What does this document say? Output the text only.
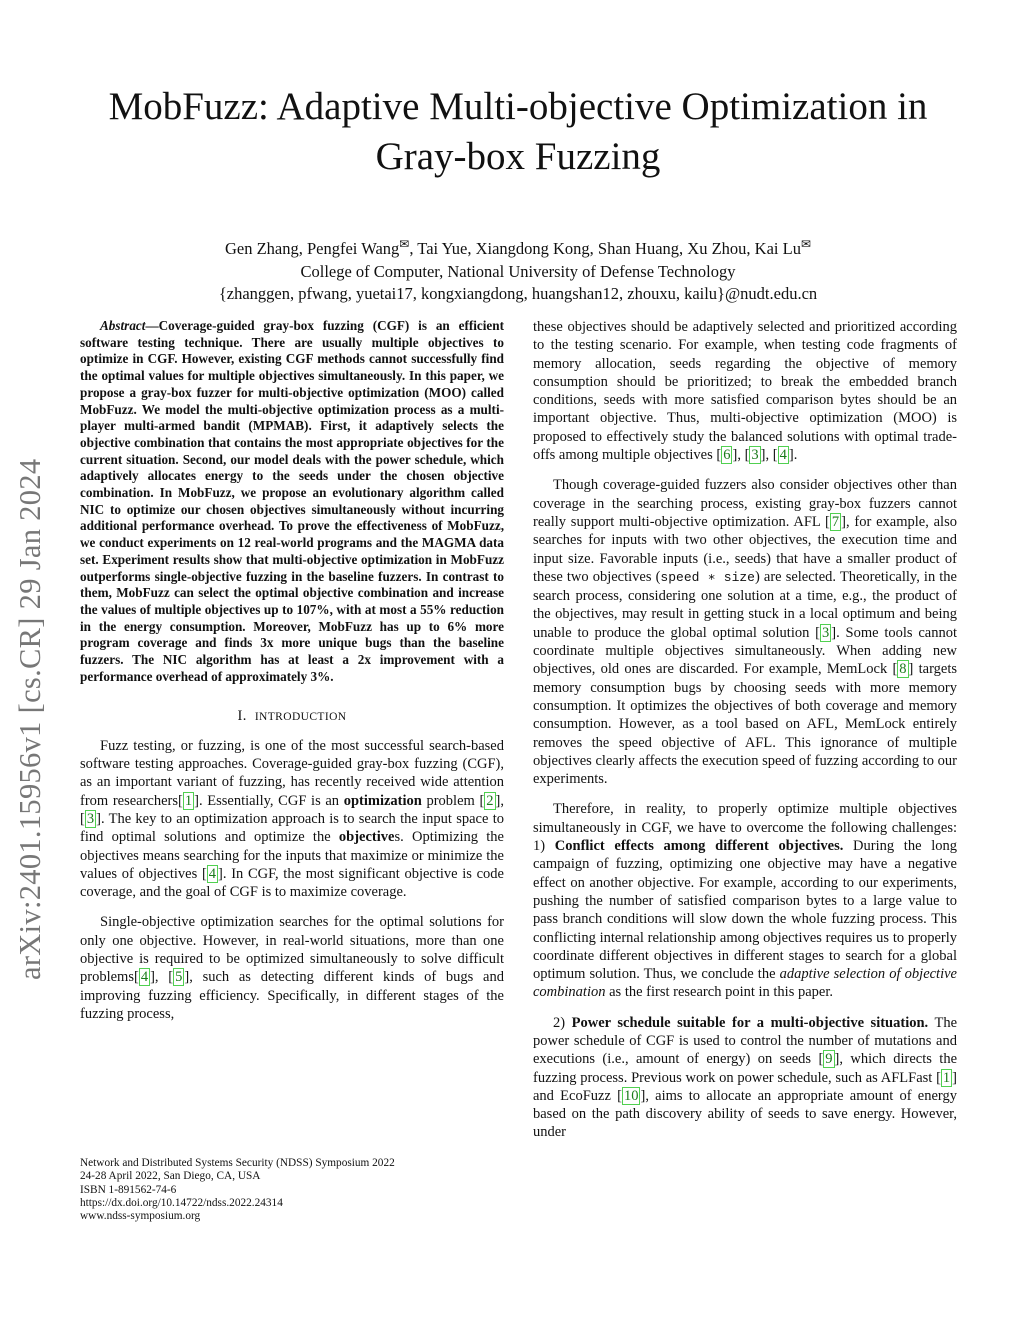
MobFuzz: Adaptive Multi-objective Optimization in Gray-box Fuzzing
Gen Zhang, Pengfei Wang✉, Tai Yue, Xiangdong Kong, Shan Huang, Xu Zhou, Kai Lu✉
College of Computer, National University of Defense Technology
{zhanggen, pfwang, yuetai17, kongxiangdong, huangshan12, zhouxu, kailu}@nudt.edu.cn
arXiv:2401.15956v1 [cs.CR] 29 Jan 2024

Abstract—Coverage-guided gray-box fuzzing (CGF) is an efficient software testing technique. There are usually multiple objectives to optimize in CGF. However, existing CGF methods cannot successfully find the optimal values for multiple objectives simultaneously. In this paper, we propose a gray-box fuzzer for multi-objective optimization (MOO) called MobFuzz. We model the multi-objective optimization process as a multi-player multi-armed bandit (MPMAB). First, it adaptively selects the objective combination that contains the most appropriate objectives for the current situation. Second, our model deals with the power schedule, which adaptively allocates energy to the seeds under the chosen objective combination. In MobFuzz, we propose an evolutionary algorithm called NIC to optimize our chosen objectives simultaneously without incurring additional performance overhead. To prove the effectiveness of MobFuzz, we conduct experiments on 12 real-world programs and the MAGMA data set. Experiment results show that multi-objective optimization in MobFuzz outperforms single-objective fuzzing in the baseline fuzzers. In contrast to them, MobFuzz can select the optimal objective combination and increase the values of multiple objectives up to 107%, with at most a 55% reduction in the energy consumption. Moreover, MobFuzz has up to 6% more program coverage and finds 3x more unique bugs than the baseline fuzzers. The NIC algorithm has at least a 2x improvement with a performance overhead of approximately 3%.

I. INTRODUCTION

Fuzz testing, or fuzzing, is one of the most successful search-based software testing approaches. Coverage-guided gray-box fuzzing (CGF), as an important variant of fuzzing, has recently received wide attention from researchers[ 1 ]. Essentially, CGF is an optimization problem [ 2 ], [ 3 ]. The key to an optimization approach is to search the input space to find optimal solutions and optimize the objectives. Optimizing the objectives means searching for the inputs that maximize or minimize the values of objectives [ 4 ]. In CGF, the most significant objective is code coverage, and the goal of CGF is to maximize coverage.

Single-objective optimization searches for the optimal solutions for only one objective. However, in real-world situations, more than one objective is required to be optimized simultaneously to solve difficult problems[ 4 ], [ 5 ], such as detecting different kinds of bugs and improving fuzzing efficiency. Specifically, in different stages of the fuzzing process,

Network and Distributed Systems Security (NDSS) Symposium 2022
24-28 April 2022, San Diego, CA, USA
ISBN 1-891562-74-6
https://dx.doi.org/10.14722/ndss.2022.24314
www.ndss-symposium.org

these objectives should be adaptively selected and prioritized according to the testing scenario. For example, when testing code fragments of memory allocation, seeds regarding the objective of memory consumption should be prioritized; to break the embedded branch conditions, seeds with more satisfied comparison bytes should be an important objective. Thus, multi-objective optimization (MOO) is proposed to effectively study the balanced solutions with optimal trade-offs among multiple objectives [ 6 ], [ 3 ], [ 4 ].

Though coverage-guided fuzzers also consider objectives other than coverage in the searching process, existing gray-box fuzzers cannot really support multi-objective optimization. AFL [ 7 ], for example, also searches for inputs with two other objectives, the execution time and input size. Favorable inputs (i.e., seeds) that have a smaller product of these two objectives (speed ∗ size) are selected. Theoretically, in the search process, considering one solution at a time, e.g., the product of the objectives, may result in getting stuck in a local optimum and being unable to produce the global optimal solution [ 3 ]. Some tools cannot coordinate multiple objectives simultaneously. When adding new objectives, old ones are discarded. For example, MemLock [ 8 ] targets memory consumption bugs by choosing seeds with more memory consumption. It optimizes the objectives of both coverage and memory consumption. However, as a tool based on AFL, MemLock entirely removes the speed objective of AFL. This ignorance of multiple objectives clearly affects the execution speed of fuzzing according to our experiments.

Therefore, in reality, to properly optimize multiple objectives simultaneously in CGF, we have to overcome the following challenges: 1) Conflict effects among different objectives. During the long campaign of fuzzing, optimizing one objective may have a negative effect on another objective. For example, according to our experiments, pushing the number of satisfied comparison bytes to a large value to pass branch conditions will slow down the whole fuzzing process. This conflicting internal relationship among objectives requires us to properly coordinate different objectives in different stages to search for a global optimum solution. Thus, we conclude the adaptive selection of objective combination as the first research point in this paper.

2) Power schedule suitable for a multi-objective situation. The power schedule of CGF is used to control the number of mutations and executions (i.e., amount of energy) on seeds [ 9 ], which directs the fuzzing process. Previous work on power schedule, such as AFLFast [ 1 ] and EcoFuzz [ 10 ], aims to allocate an appropriate amount of energy based on the path discovery ability of seeds to save energy. However, under
